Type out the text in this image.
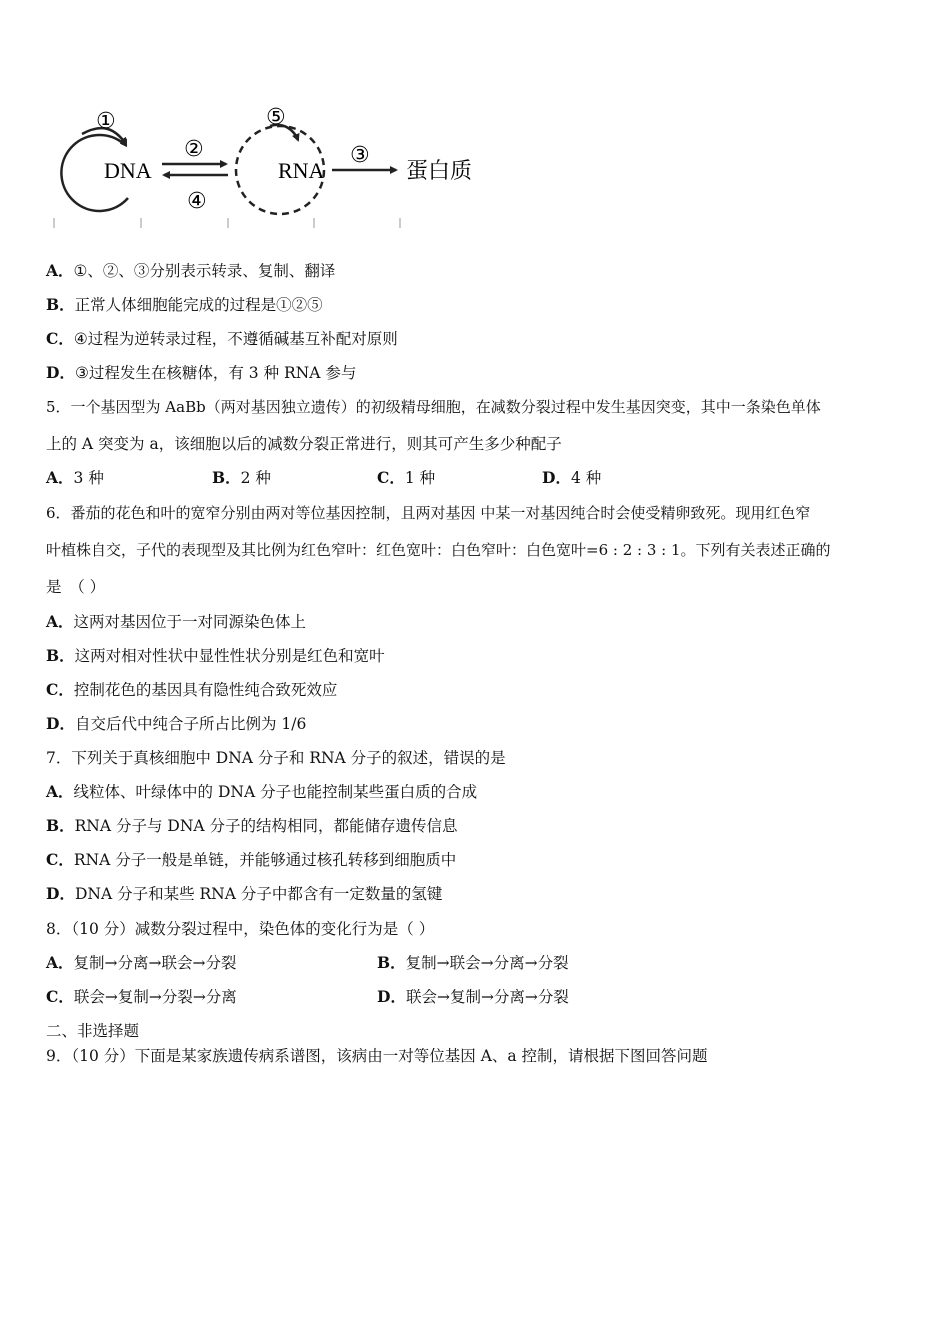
①
DNA
②
④
⑤
RNA
③
蛋白质
A．①、②、③分别表示转录、复制、翻译
B．正常人体细胞能完成的过程是①②⑤
C．④过程为逆转录过程，不遵循碱基互补配对原则
D．③过程发生在核糖体，有 3 种 RNA 参与
5．一个基因型为 AaBb（两对基因独立遗传）的初级精母细胞，在减数分裂过程中发生基因突变，其中一条染色单体
上的 A 突变为 a，该细胞以后的减数分裂正常进行，则其可产生多少种配子
A．3 种	B．2 种	C．1 种	D．4 种
6．番茄的花色和叶的宽窄分别由两对等位基因控制，且两对基因 中某一对基因纯合时会使受精卵致死。现用红色窄
叶植株自交，子代的表现型及其比例为红色窄叶：红色宽叶：白色窄叶：白色宽叶=6 : 2 : 3 : 1。下列有关表述正确的
是　（ ）
A．这两对基因位于一对同源染色体上
B．这两对相对性状中显性性状分别是红色和宽叶
C．控制花色的基因具有隐性纯合致死效应
D．自交后代中纯合子所占比例为 1/6
7．下列关于真核细胞中 DNA 分子和 RNA 分子的叙述，错误的是
A．线粒体、叶绿体中的 DNA 分子也能控制某些蛋白质的合成
B．RNA 分子与 DNA 分子的结构相同，都能储存遗传信息
C．RNA 分子一般是单链，并能够通过核孔转移到细胞质中
D．DNA 分子和某些 RNA 分子中都含有一定数量的氢键
8．（10 分）减数分裂过程中，染色体的变化行为是（ ）
A．复制→分离→联会→分裂	B．复制→联会→分离→分裂
C．联会→复制→分裂→分离	D．联会→复制→分离→分裂
二、非选择题
9．（10 分）下面是某家族遗传病系谱图，该病由一对等位基因 A、a 控制，请根据下图回答问题
